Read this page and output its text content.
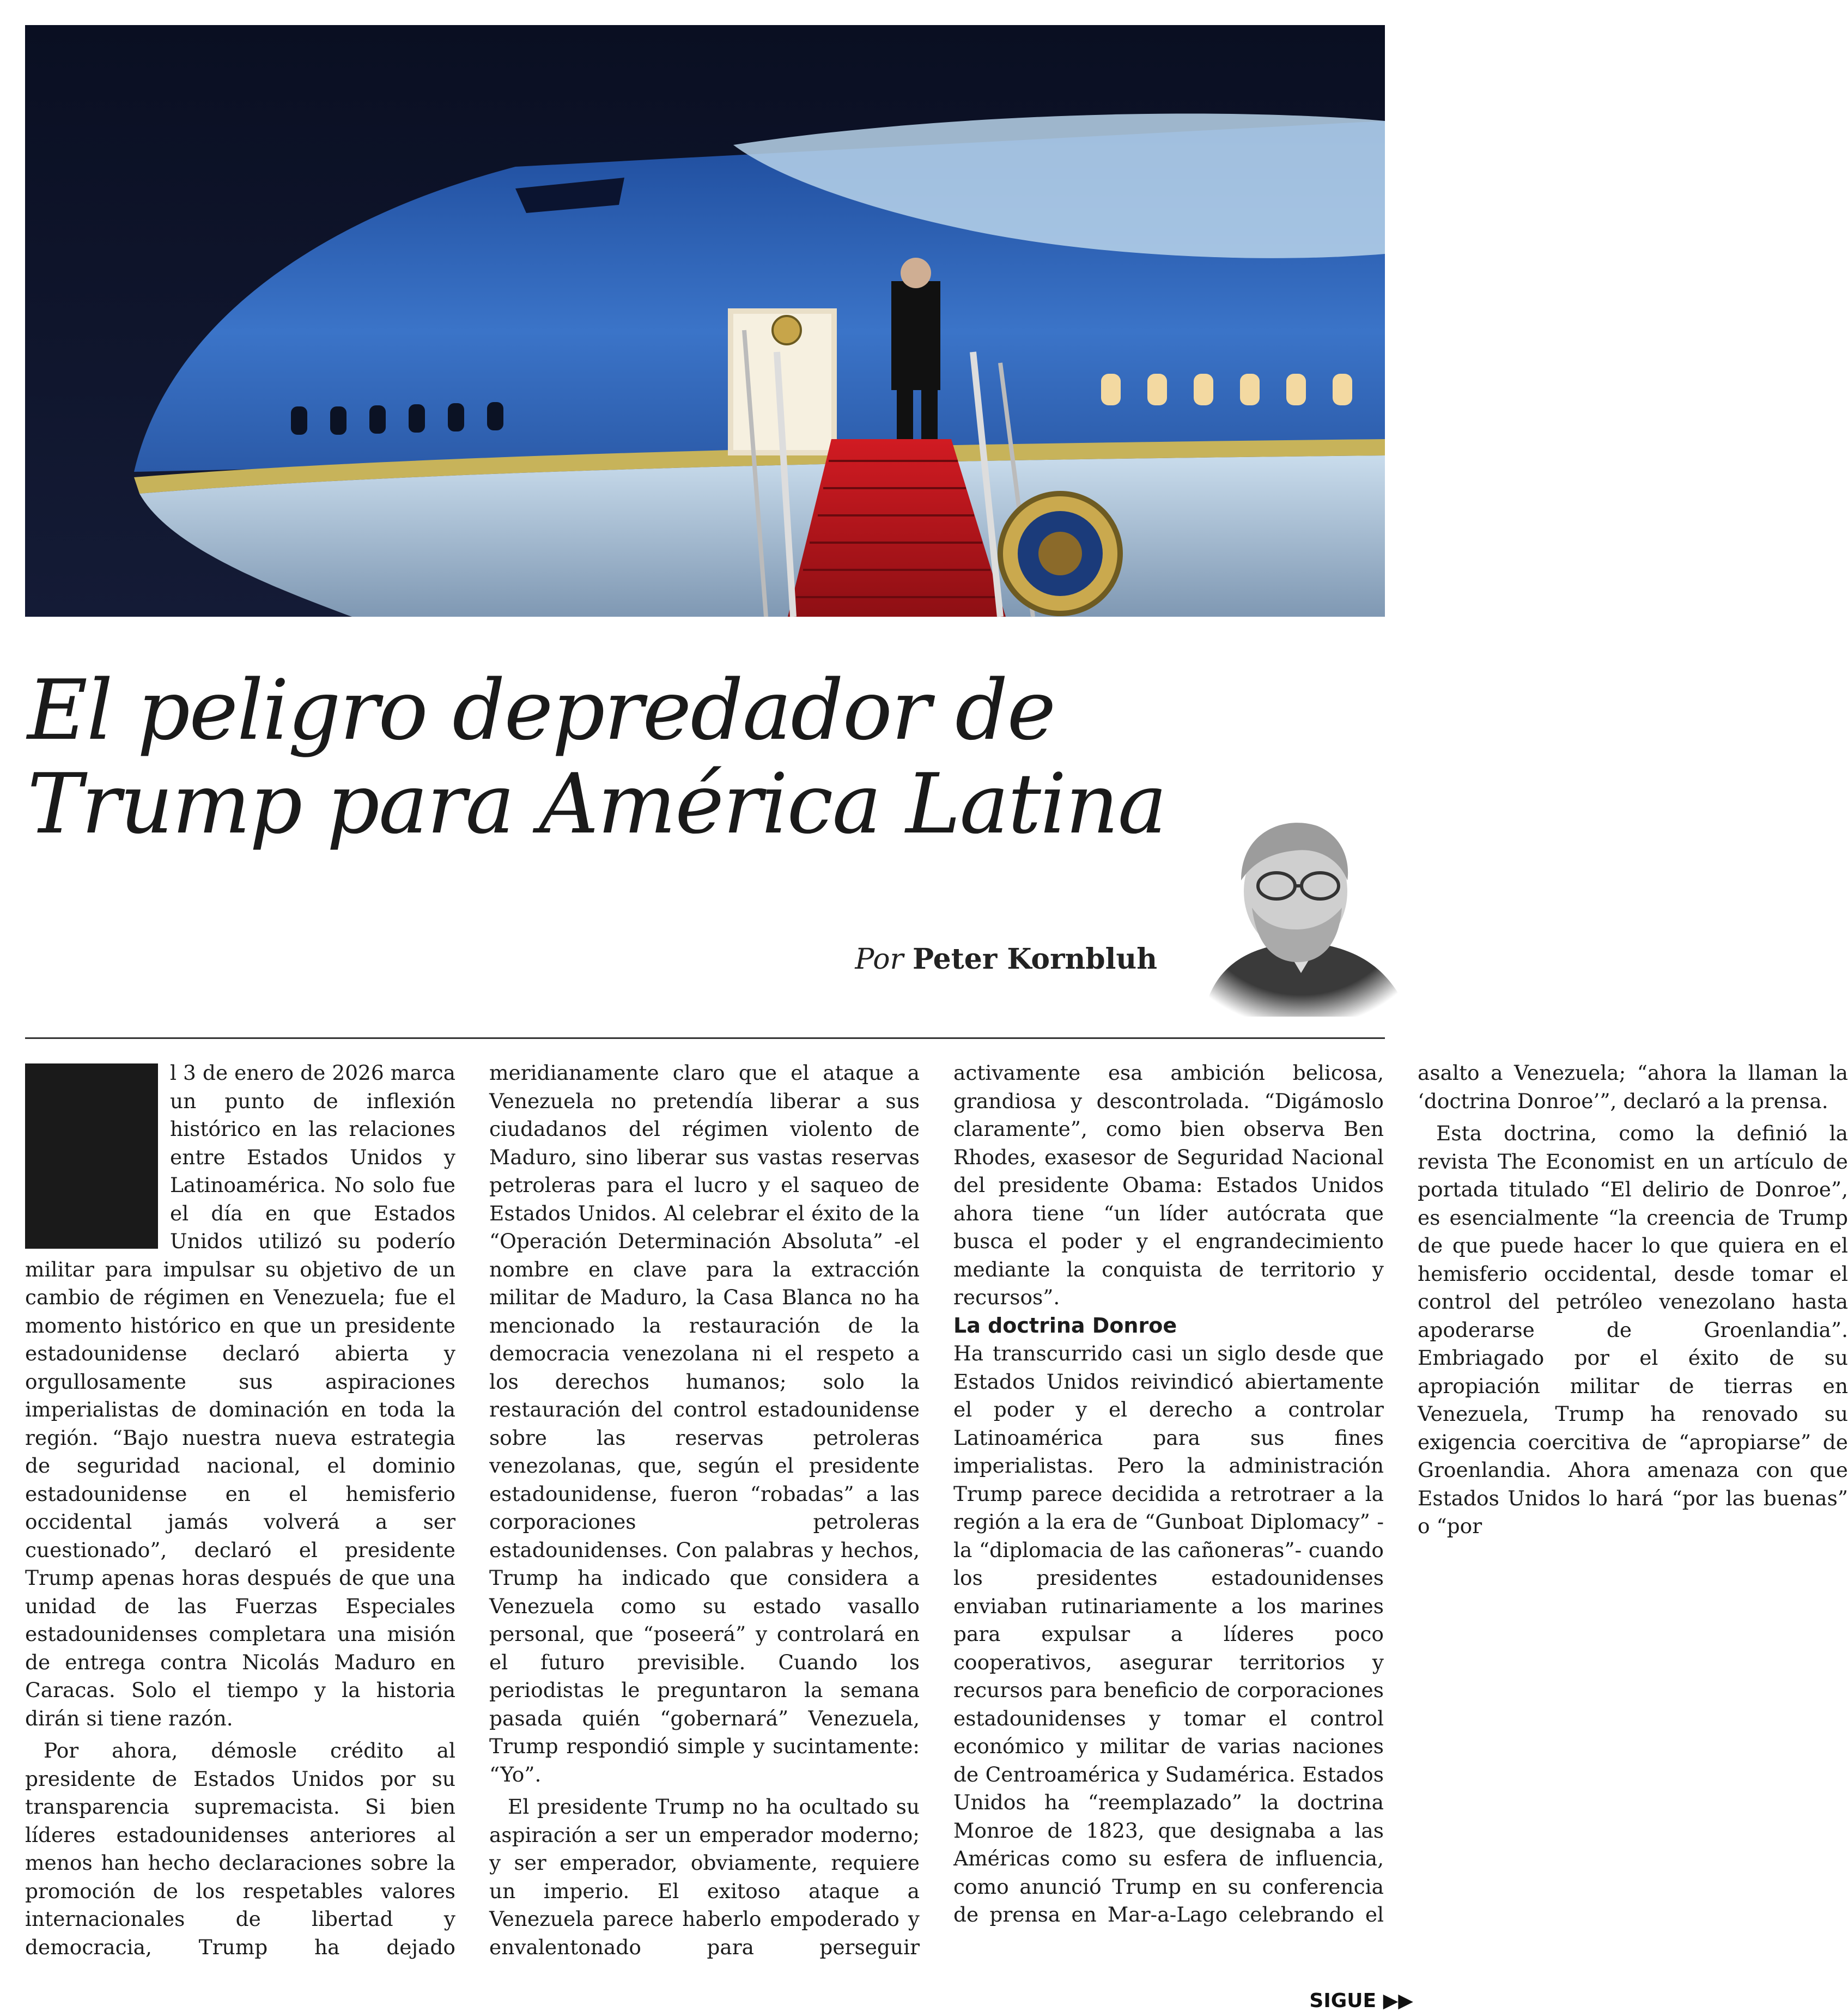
El peligro depredador de
Trump para América Latina
Por Peter Kornbluh
E

l 3 de enero de 2026 marca un punto de inflexión histórico en las relaciones entre Estados Unidos y Latinoamérica. No solo fue el día en que Estados Unidos utilizó su poderío militar para impulsar su objetivo de un cambio de régimen en Venezuela; fue el momento histórico en que un presidente estadounidense declaró abierta y orgullosamente sus aspiraciones imperialistas de dominación en toda la región. “Bajo nuestra nueva estrategia de seguridad nacional, el dominio estadounidense en el hemisferio occidental jamás volverá a ser cuestionado”, declaró el presidente Trump apenas horas después de que una unidad de las Fuerzas Especiales estadounidenses completara una misión de entrega contra Nicolás Maduro en Caracas. Solo el tiempo y la historia dirán si tiene razón.

Por ahora, démosle crédito al presidente de Estados Unidos por su transparencia supremacista. Si bien líderes estadounidenses anteriores al menos han hecho declaraciones sobre la promoción de los respetables valores internacionales de libertad y democracia, Trump ha dejado meridianamente claro que el ataque a Venezuela no pretendía liberar a sus ciudadanos del régimen violento de Maduro, sino liberar sus vastas reservas petroleras para el lucro y el saqueo de Estados Unidos. Al celebrar el éxito de la “Operación Determinación Absoluta” -el nombre en clave para la extracción militar de Maduro, la Casa Blanca no ha mencionado la restauración de la democracia venezolana ni el respeto a los derechos humanos; solo la restauración del control estadounidense sobre las reservas petroleras venezolanas, que, según el presidente estadounidense, fueron “robadas” a las corporaciones petroleras estadounidenses. Con palabras y hechos, Trump ha indicado que considera a Venezuela como su estado vasallo personal, que “poseerá” y controlará en el futuro previsible. Cuando los periodistas le preguntaron la semana pasada quién “gobernará” Venezuela, Trump respondió simple y sucintamente: “Yo”.

El presidente Trump no ha ocultado su aspiración a ser un emperador moderno; y ser emperador, obviamente, requiere un imperio. El exitoso ataque a Venezuela parece haberlo empoderado y envalentonado para perseguir activamente esa ambición belicosa, grandiosa y descontrolada. “Digámoslo claramente”, como bien observa Ben Rhodes, exasesor de Seguridad Nacional del presidente Obama: Estados Unidos ahora tiene “un líder autócrata que busca el poder y el engrandecimiento mediante la conquista de territorio y recursos”.

La doctrina Donroe

Ha transcurrido casi un siglo desde que Estados Unidos reivindicó abiertamente el poder y el derecho a controlar Latinoamérica para sus fines imperialistas. Pero la administración Trump parece decidida a retrotraer a la región a la era de “Gunboat Diplomacy” -la “diplomacia de las cañoneras”- cuando los presidentes estadounidenses enviaban rutinariamente a los marines para expulsar a líderes poco cooperativos, asegurar territorios y recursos para beneficio de corporaciones estadounidenses y tomar el control económico y militar de varias naciones de Centroamérica y Sudamérica. Estados Unidos ha “reemplazado” la doctrina Monroe de 1823, que designaba a las Américas como su esfera de influencia, como anunció Trump en su conferencia de prensa en Mar-a-Lago celebrando el asalto a Venezuela; “ahora la llaman la ‘doctrina Donroe’”, declaró a la prensa.

Esta doctrina, como la definió la revista The Economist en un artículo de portada titulado “El delirio de Donroe”, es esencialmente “la creencia de Trump de que puede hacer lo que quiera en el hemisferio occidental, desde tomar el control del petróleo venezolano hasta apoderarse de Groenlandia”. Embriagado por el éxito de su apropiación militar de tierras en Venezuela, Trump ha renovado su exigencia coercitiva de “apropiarse” de Groenlandia. Ahora amenaza con que Estados Unidos lo hará “por las buenas” o “por

SIGUE ▶▶
